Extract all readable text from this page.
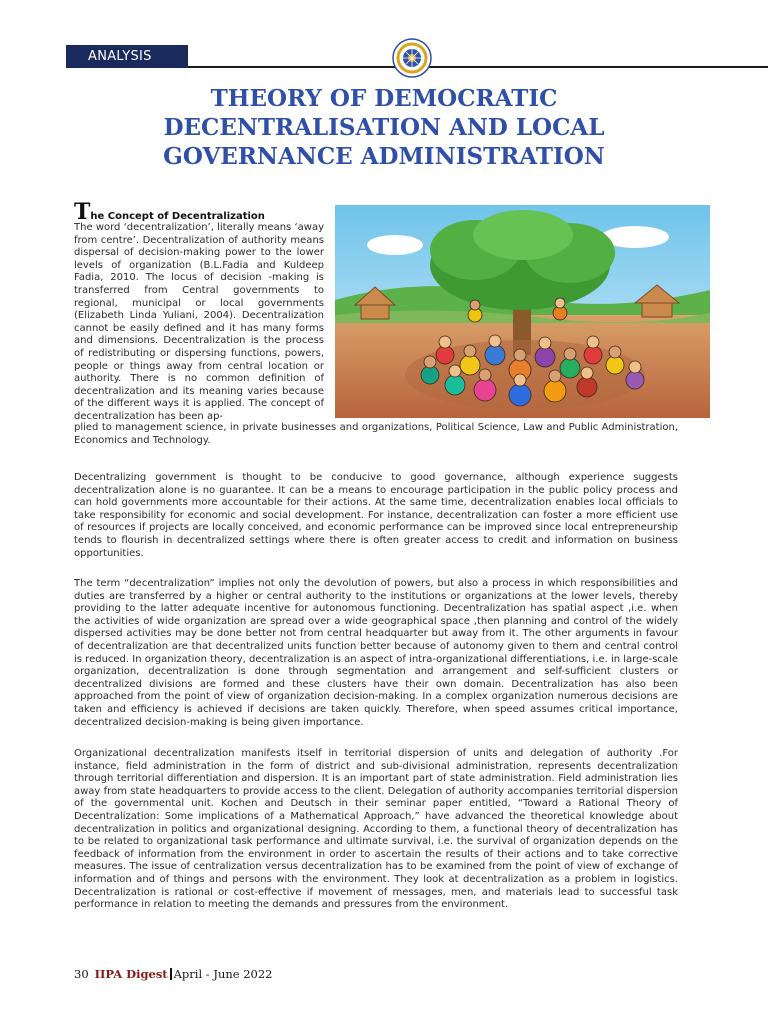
ANALYSIS
THEORY OF DEMOCRATIC
DECENTRALISATION AND LOCAL
GOVERNANCE ADMINISTRATION
The Concept of Decentralization

The word ‘decentralization’, literally means ‘away from centre’. Decentralization of authority means dispersal of decision-making power to the lower levels of organization (B.L.Fadia and Kuldeep Fadia, 2010. The locus of decision -making is transferred from Central governments to regional, municipal or local governments (Elizabeth Linda Yuliani, 2004). Decentralization cannot be easily defined and it has many forms and dimensions. Decentralization is the process of redistributing or dispersing functions, powers, people or things away from central location or authority. There is no common definition of decentralization and its meaning varies because of the different ways it is applied. The concept of decentralization has been ap-

plied to management science, in private businesses and organizations, Political Science, Law and Public Administration, Economics and Technology.

Decentralizing government is thought to be conducive to good governance, although experience suggests decentralization alone is no guarantee. It can be a means to encourage participation in the public policy process and can hold governments more accountable for their actions. At the same time, decentralization enables local officials to take responsibility for economic and social development. For instance, decentralization can foster a more efficient use of resources if projects are locally conceived, and economic performance can be improved since local entrepreneurship tends to flourish in decentralized settings where there is often greater access to credit and information on business opportunities.

The term “decentralization” implies not only the devolution of powers, but also a process in which responsibilities and duties are transferred by a higher or central authority to the institutions or organizations at the lower levels, thereby providing to the latter adequate incentive for autonomous functioning. Decentralization has spatial aspect ,i.e. when the activities of wide organization are spread over a wide geographical space ,then planning and control of the widely dispersed activities may be done better not from central headquarter but away from it. The other arguments in favour of decentralization are that decentralized units function better because of autonomy given to them and central control is reduced. In organization theory, decentralization is an aspect of intra-organizational differentiations, i.e. in large-scale organization, decentralization is done through segmentation and arrangement and self-sufficient clusters or decentralized divisions are formed and these clusters have their own domain. Decentralization has also been approached from the point of view of organization decision-making. In a complex organization numerous decisions are taken and efficiency is achieved if decisions are taken quickly. Therefore, when speed assumes critical importance, decentralized decision-making is being given importance.

Organizational decentralization manifests itself in territorial dispersion of units and delegation of authority .For instance, field administration in the form of district and sub-divisional administration, represents decentralization through territorial differentiation and dispersion. It is an important part of state administration. Field administration lies away from state headquarters to provide access to the client. Delegation of authority accompanies territorial dispersion of the governmental unit. Kochen and Deutsch in their seminar paper entitled, “Toward a Rational Theory of Decentralization: Some implications of a Mathematical Approach,” have advanced the theoretical knowledge about decentralization in politics and organizational designing. According to them, a functional theory of decentralization has to be related to organizational task performance and ultimate survival, i.e. the survival of organization depends on the feedback of information from the environment in order to ascertain the results of their actions and to take corrective measures. The issue of centralization versus decentralization has to be examined from the point of view of exchange of information and of things and persons with the environment. They look at decentralization as a problem in logistics. Decentralization is rational or cost-effective if movement of messages, men, and materials lead to successful task performance in relation to meeting the demands and pressures from the environment.

30 IIPA Digest April - June 2022
